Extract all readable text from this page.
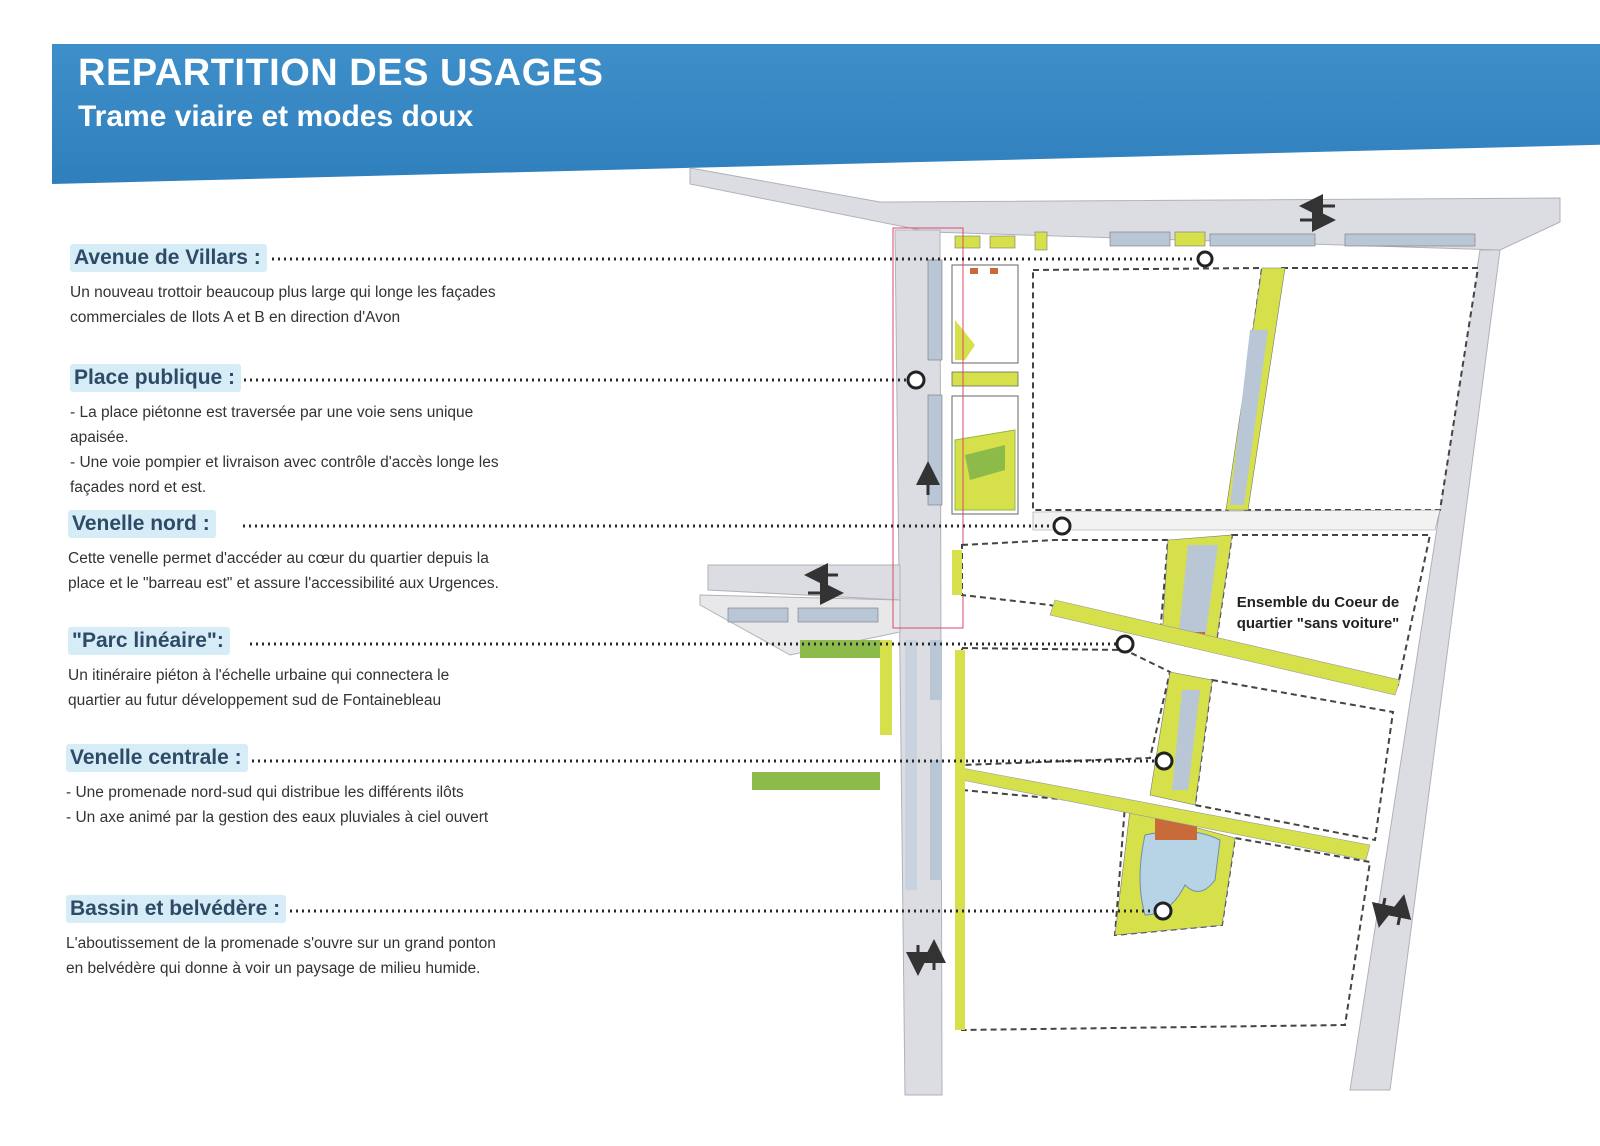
REPARTITION DES USAGES
Trame viaire et modes doux
Avenue de Villars :

Un nouveau trottoir beaucoup plus large qui longe les façades

commerciales de Ilots A et B en direction d'Avon

Place publique :

- La place piétonne est traversée par une voie sens unique

apaisée.

- Une voie pompier et livraison avec contrôle d'accès longe les

façades nord et est.

Venelle nord :

Cette venelle permet d'accéder au cœur du quartier depuis la

place et le "barreau est" et assure l'accessibilité aux Urgences.

"Parc linéaire":

Un itinéraire piéton à l'échelle urbaine qui connectera le

quartier au futur développement sud de Fontainebleau

Venelle centrale :

- Une promenade nord-sud qui distribue les différents ilôts

- Un axe animé par la gestion des eaux pluviales à ciel ouvert

Bassin et belvédère :

L'aboutissement de la promenade s'ouvre sur un grand ponton

en belvédère qui donne à voir un paysage de milieu humide.

Ensemble du Coeur de
quartier "sans voiture"
